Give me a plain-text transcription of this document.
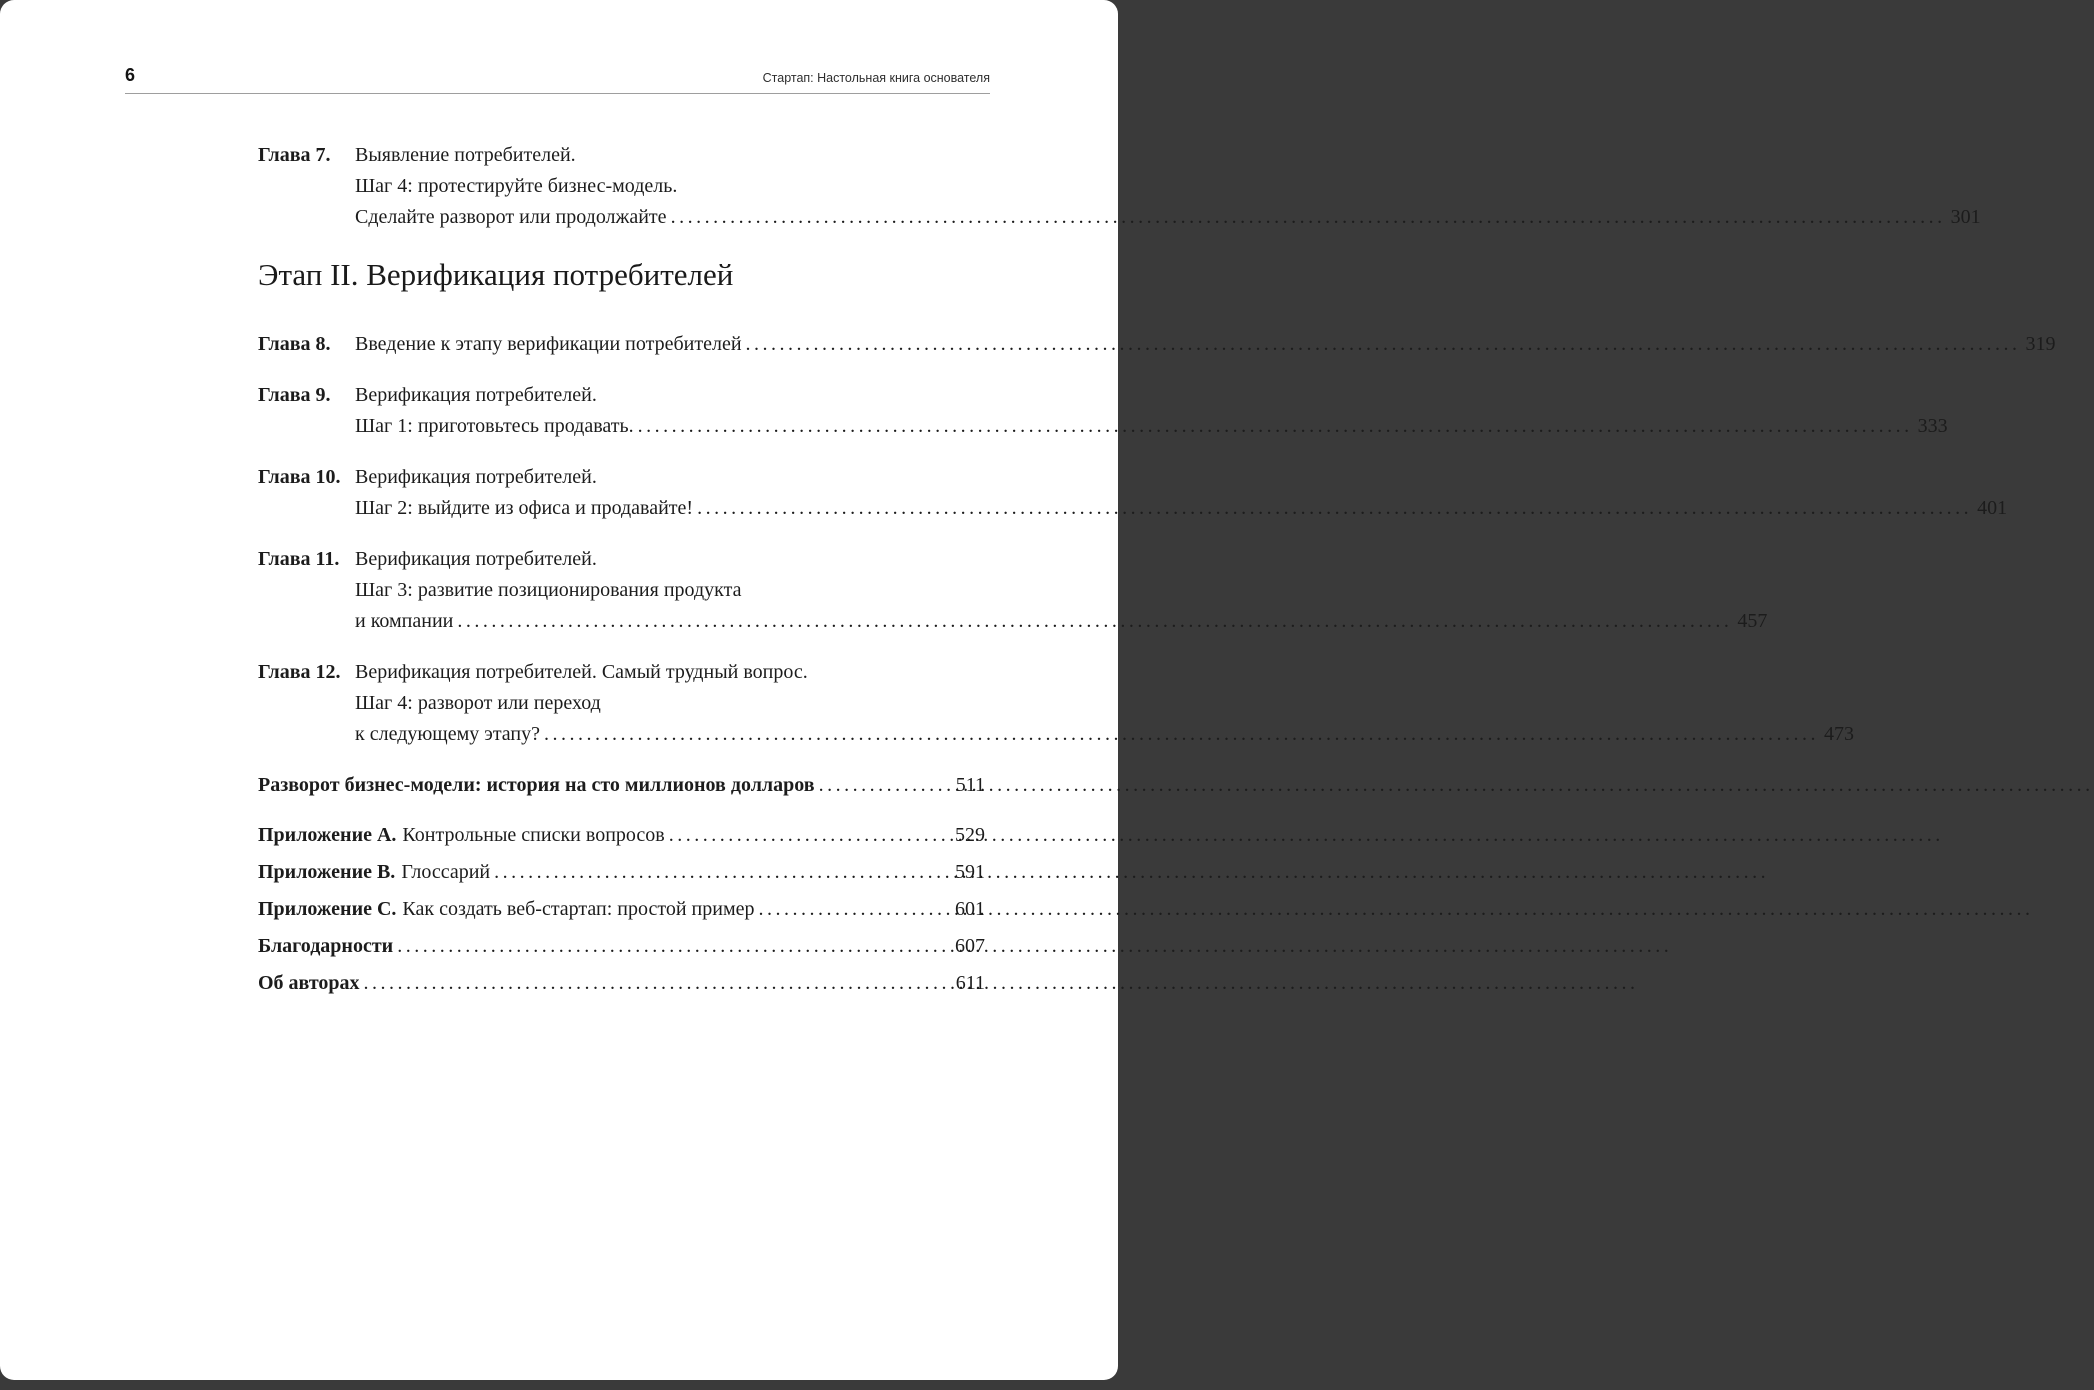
6	Стартап: Настольная книга основателя
Глава 7.	Выявление потребителей.
Шаг 4: протестируйте бизнес-модель.
Сделайте разворот или продолжайте .....	301
Этап II. Верификация потребителей
Глава 8.	Введение к этапу верификации потребителей .....	319
Глава 9.	Верификация потребителей.
Шаг 1: приготовьтесь продавать. .....	333
Глава 10. Верификация потребителей.
Шаг 2: выйдите из офиса и продавайте! .....	401
Глава 11. Верификация потребителей.
Шаг 3: развитие позиционирования продукта
и компании .....	457
Глава 12. Верификация потребителей. Самый трудный вопрос.
Шаг 4: разворот или переход
к следующему этапу? .....	473
Разворот бизнес-модели: история на сто миллионов долларов .....	511
Приложение A. Контрольные списки вопросов .....	529
Приложение B. Глоссарий .....	591
Приложение C. Как создать веб-стартап: простой пример .....	601
Благодарности .....	607
Об авторах .....	611
